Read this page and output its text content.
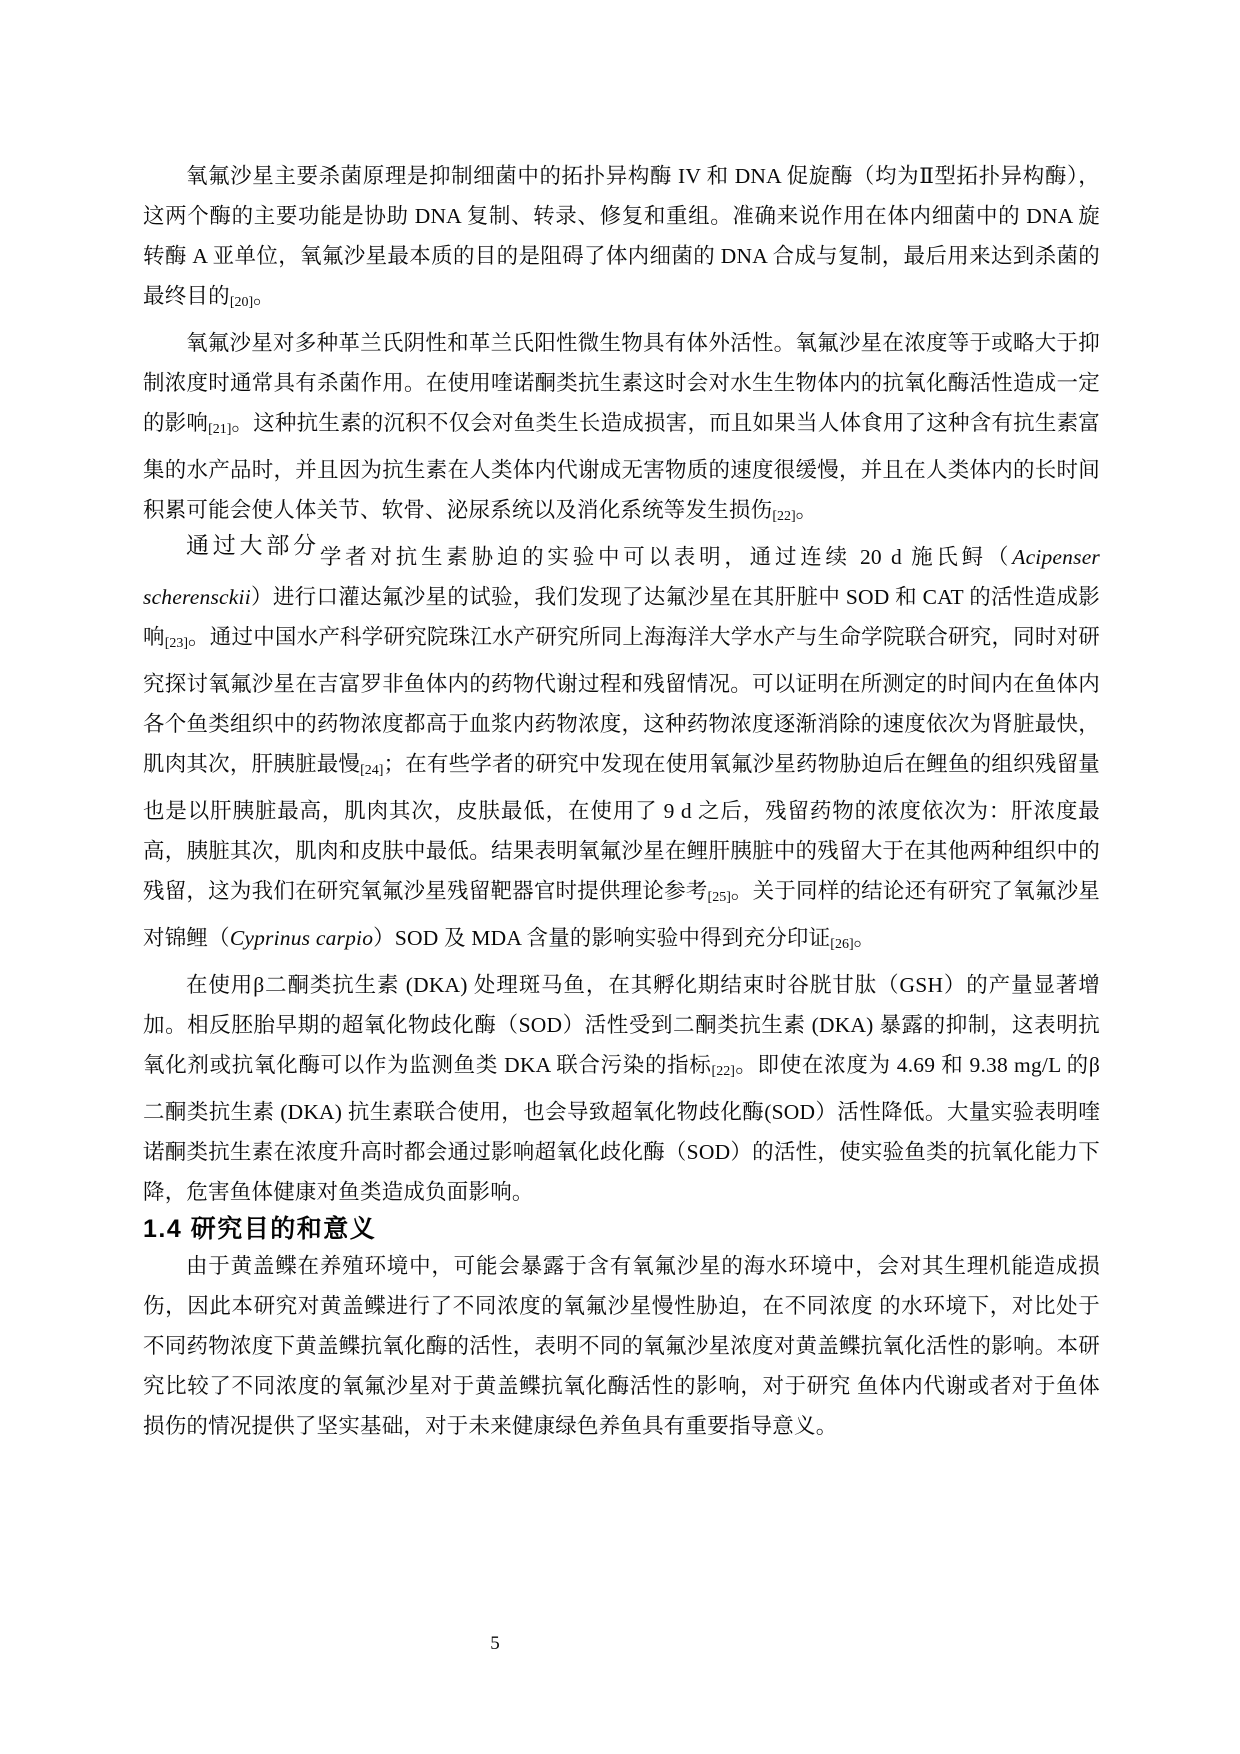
氧氟沙星主要杀菌原理是抑制细菌中的拓扑异构酶 IV 和 DNA 促旋酶（均为Ⅱ型拓扑异构酶），这两个酶的主要功能是协助 DNA 复制、转录、修复和重组。准确来说作用在体内细菌中的 DNA 旋转酶 A 亚单位，氧氟沙星最本质的目的是阻碍了体内细菌的 DNA 合成与复制，最后用来达到杀菌的最终目的[20]。

氧氟沙星对多种革兰氏阴性和革兰氏阳性微生物具有体外活性。氧氟沙星在浓度等于或略大于抑制浓度时通常具有杀菌作用。在使用喹诺酮类抗生素这时会对水生生物体内的抗氧化酶活性造成一定的影响[21]。这种抗生素的沉积不仅会对鱼类生长造成损害，而且如果当人体食用了这种含有抗生素富集的水产品时，并且因为抗生素在人类体内代谢成无害物质的速度很缓慢，并且在人类体内的长时间积累可能会使人体关节、软骨、泌尿系统以及消化系统等发生损伤[22]。

通过大部分学者对抗生素胁迫的实验中可以表明，通过连续 20 d 施氏鲟（Acipenser scherensckii）进行口灌达氟沙星的试验，我们发现了达氟沙星在其肝脏中 SOD 和 CAT 的活性造成影响[23]。通过中国水产科学研究院珠江水产研究所同上海海洋大学水产与生命学院联合研究，同时对研究探讨氧氟沙星在吉富罗非鱼体内的药物代谢过程和残留情况。可以证明在所测定的时间内在鱼体内各个鱼类组织中的药物浓度都高于血浆内药物浓度，这种药物浓度逐渐消除的速度依次为肾脏最快，肌肉其次，肝胰脏最慢[24]；在有些学者的研究中发现在使用氧氟沙星药物胁迫后在鲤鱼的组织残留量也是以肝胰脏最高，肌肉其次，皮肤最低，在使用了 9 d 之后，残留药物的浓度依次为：肝浓度最高，胰脏其次，肌肉和皮肤中最低。结果表明氧氟沙星在鲤肝胰脏中的残留大于在其他两种组织中的残留，这为我们在研究氧氟沙星残留靶器官时提供理论参考[25]。关于同样的结论还有研究了氧氟沙星对锦鲤（Cyprinus carpio）SOD 及 MDA 含量的影响实验中得到充分印证[26]。

在使用β二酮类抗生素 (DKA) 处理斑马鱼，在其孵化期结束时谷胱甘肽（GSH）的产量显著增加。相反胚胎早期的超氧化物歧化酶（SOD）活性受到二酮类抗生素 (DKA) 暴露的抑制，这表明抗氧化剂或抗氧化酶可以作为监测鱼类 DKA 联合污染的指标[22]。即使在浓度为 4.69 和 9.38 mg/L 的β二酮类抗生素 (DKA) 抗生素联合使用，也会导致超氧化物歧化酶(SOD）活性降低。大量实验表明喹诺酮类抗生素在浓度升高时都会通过影响超氧化歧化酶（SOD）的活性，使实验鱼类的抗氧化能力下降，危害鱼体健康对鱼类造成负面影响。

1.4 研究目的和意义

由于黄盖鲽在养殖环境中，可能会暴露于含有氧氟沙星的海水环境中，会对其生理机能造成损伤，因此本研究对黄盖鲽进行了不同浓度的氧氟沙星慢性胁迫，在不同浓度 的水环境下，对比处于不同药物浓度下黄盖鲽抗氧化酶的活性，表明不同的氧氟沙星浓度对黄盖鲽抗氧化活性的影响。本研究比较了不同浓度的氧氟沙星对于黄盖鲽抗氧化酶活性的影响，对于研究 鱼体内代谢或者对于鱼体损伤的情况提供了坚实基础，对于未来健康绿色养鱼具有重要指导意义。

5
